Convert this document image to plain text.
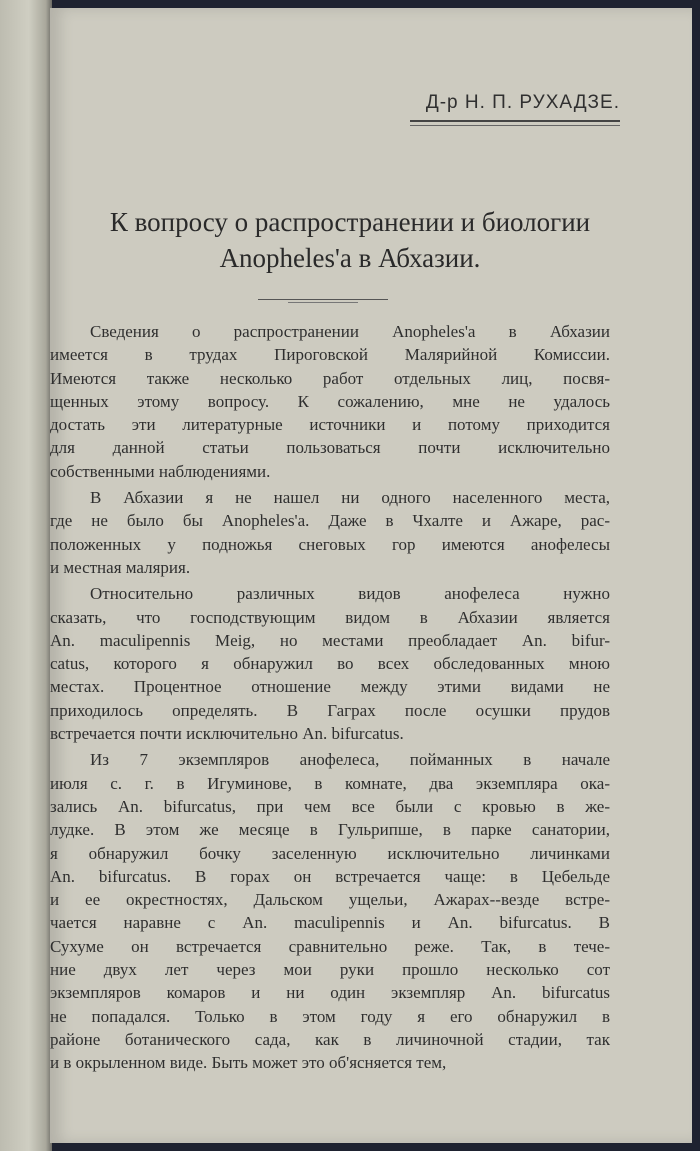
Д-р Н. П. РУХАДЗЕ.
К вопросу о распространении и биологии
Anopheles'а в Абхазии.
Сведения о распространении Anopheles'а в Абхазии
имеется в трудах Пироговской Малярийной Комиссии.
Имеются также несколько работ отдельных лиц, посвя-
щенных этому вопросу. К сожалению, мне не удалось
достать эти литературные источники и потому приходится
для данной статьи пользоваться почти исключительно
собственными наблюдениями.
В Абхазии я не нашел ни одного населенного места,
где не было бы Anopheles'а. Даже в Чхалте и Ажаре, рас-
положенных у подножья снеговых гор имеются анофелесы
и местная малярия.
Относительно различных видов анофелеса нужно
сказать, что господствующим видом в Абхазии является
An. maculipennis Meig, но местами преобладает An. bifur-
catus, которого я обнаружил во всех обследованных мною
местах. Процентное отношение между этими видами не
приходилось определять. В Гаграх после осушки прудов
встречается почти исключительно An. bifurcatus.
Из 7 экземпляров анофелеса, пойманных в начале
июля с. г. в Игуминове, в комнате, два экземпляра ока-
зались An. bifurcatus, при чем все были с кровью в же-
лудке. В этом же месяце в Гульрипше, в парке санатории,
я обнаружил бочку заселенную исключительно личинками
An. bifurcatus. В горах он встречается чаще: в Цебельде
и ее окрестностях, Дальском ущельи, Ажарах--везде встре-
чается наравне с An. maculipennis и An. bifurcatus. В
Сухуме он встречается сравнительно реже. Так, в тече-
ние двух лет через мои руки прошло несколько сот
экземпляров комаров и ни один экземпляр An. bifurcatus
не попадался. Только в этом году я его обнаружил в
районе ботанического сада, как в личиночной стадии, так
и в окрыленном виде. Быть может это об'ясняется тем,
